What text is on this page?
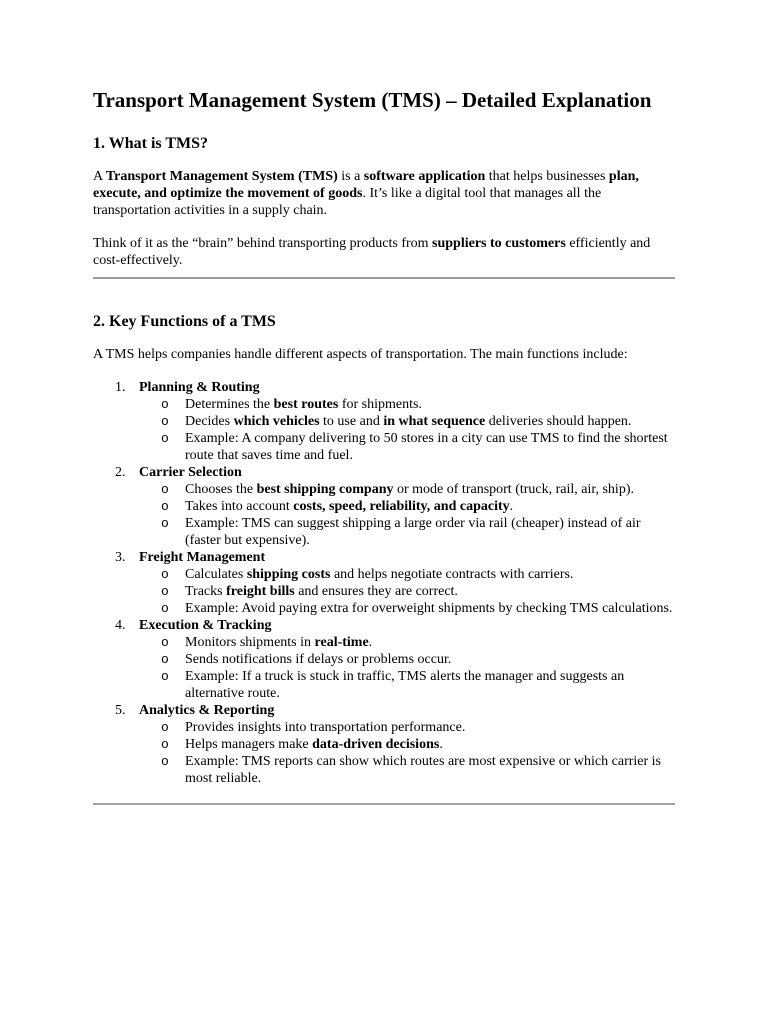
Transport Management System (TMS) – Detailed Explanation
1. What is TMS?

A Transport Management System (TMS) is a software application that helps businesses plan, execute, and optimize the movement of goods. It’s like a digital tool that manages all the transportation activities in a supply chain.

Think of it as the “brain” behind transporting products from suppliers to customers efficiently and cost-effectively.

2. Key Functions of a TMS

A TMS helps companies handle different aspects of transportation. The main functions include:

1. Planning & Routing
o Determines the best routes for shipments.
o Decides which vehicles to use and in what sequence deliveries should happen.
o Example: A company delivering to 50 stores in a city can use TMS to find the shortest route that saves time and fuel.
2. Carrier Selection
o Chooses the best shipping company or mode of transport (truck, rail, air, ship).
o Takes into account costs, speed, reliability, and capacity.
o Example: TMS can suggest shipping a large order via rail (cheaper) instead of air (faster but expensive).
3. Freight Management
o Calculates shipping costs and helps negotiate contracts with carriers.
o Tracks freight bills and ensures they are correct.
o Example: Avoid paying extra for overweight shipments by checking TMS calculations.
4. Execution & Tracking
o Monitors shipments in real-time.
o Sends notifications if delays or problems occur.
o Example: If a truck is stuck in traffic, TMS alerts the manager and suggests an alternative route.
5. Analytics & Reporting
o Provides insights into transportation performance.
o Helps managers make data-driven decisions.
o Example: TMS reports can show which routes are most expensive or which carrier is most reliable.
